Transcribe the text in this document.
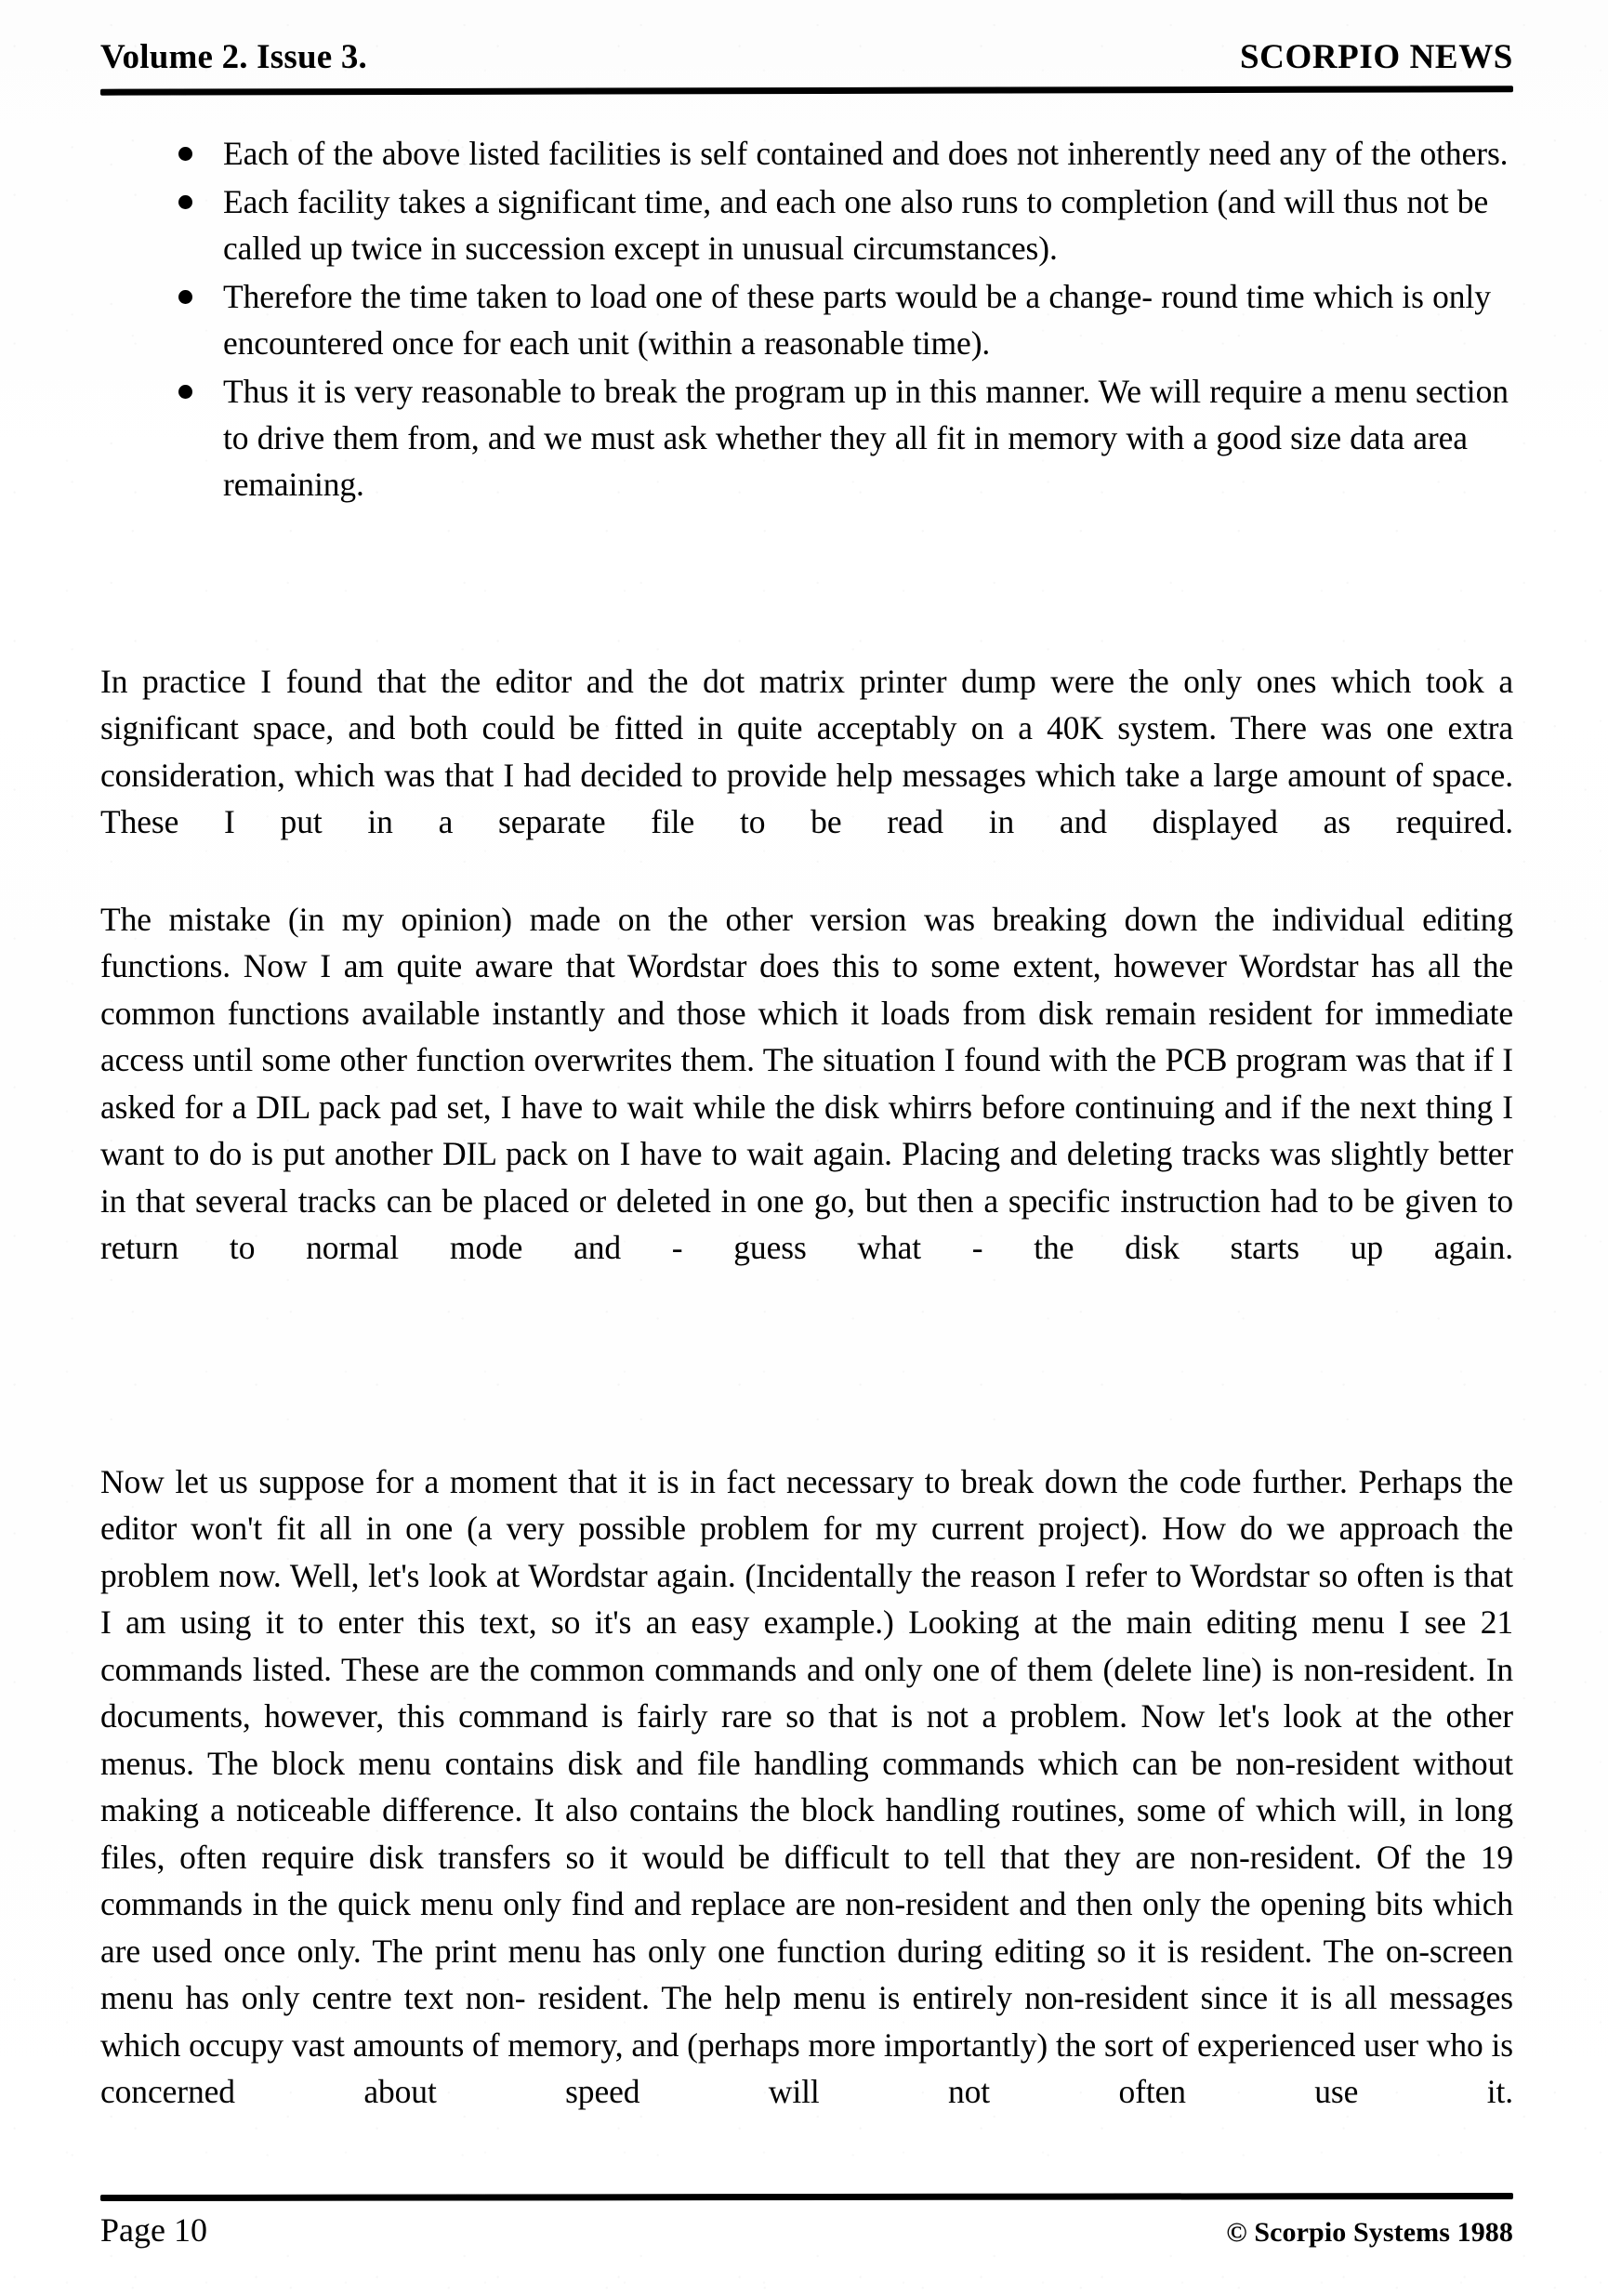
Volume 2. Issue 3.	SCORPIO NEWS
Each of the above listed facilities is self contained and does not inherently need any of the others.
Each facility takes a significant time, and each one also runs to completion (and will thus not be called up twice in succession except in unusual circumstances).
Therefore the time taken to load one of these parts would be a change- round time which is only encountered once for each unit (within a reasonable time).
Thus it is very reasonable to break the program up in this manner. We will require a menu section to drive them from, and we must ask whether they all fit in memory with a good size data area remaining.

In practice I found that the editor and the dot matrix printer dump were the only ones which took a significant space, and both could be fitted in quite acceptably on a 40K system. There was one extra consideration, which was that I had decided to provide help messages which take a large amount of space. These I put in a separate file to be read in and displayed as required.

The mistake (in my opinion) made on the other version was breaking down the individual editing functions. Now I am quite aware that Wordstar does this to some extent, however Wordstar has all the common functions available instantly and those which it loads from disk remain resident for immediate access until some other function overwrites them. The situation I found with the PCB program was that if I asked for a DIL pack pad set, I have to wait while the disk whirrs before continuing and if the next thing I want to do is put another DIL pack on I have to wait again. Placing and deleting tracks was slightly better in that several tracks can be placed or deleted in one go, but then a specific instruction had to be given to return to normal mode and - guess what - the disk starts up again.

Now let us suppose for a moment that it is in fact necessary to break down the code further. Perhaps the editor won't fit all in one (a very possible problem for my current project). How do we approach the problem now. Well, let's look at Wordstar again. (Incidentally the reason I refer to Wordstar so often is that I am using it to enter this text, so it's an easy example.) Looking at the main editing menu I see 21 commands listed. These are the common commands and only one of them (delete line) is non-resident. In documents, however, this command is fairly rare so that is not a problem. Now let's look at the other menus. The block menu contains disk and file handling commands which can be non-resident without making a noticeable difference. It also contains the block handling routines, some of which will, in long files, often require disk transfers so it would be difficult to tell that they are non-resident. Of the 19 commands in the quick menu only find and replace are non-resident and then only the opening bits which are used once only. The print menu has only one function during editing so it is resident. The on-screen menu has only centre text non- resident. The help menu is entirely non-resident since it is all messages which occupy vast amounts of memory, and (perhaps more importantly) the sort of experienced user who is concerned about speed will not often use it.

Page 10	© Scorpio Systems 1988
